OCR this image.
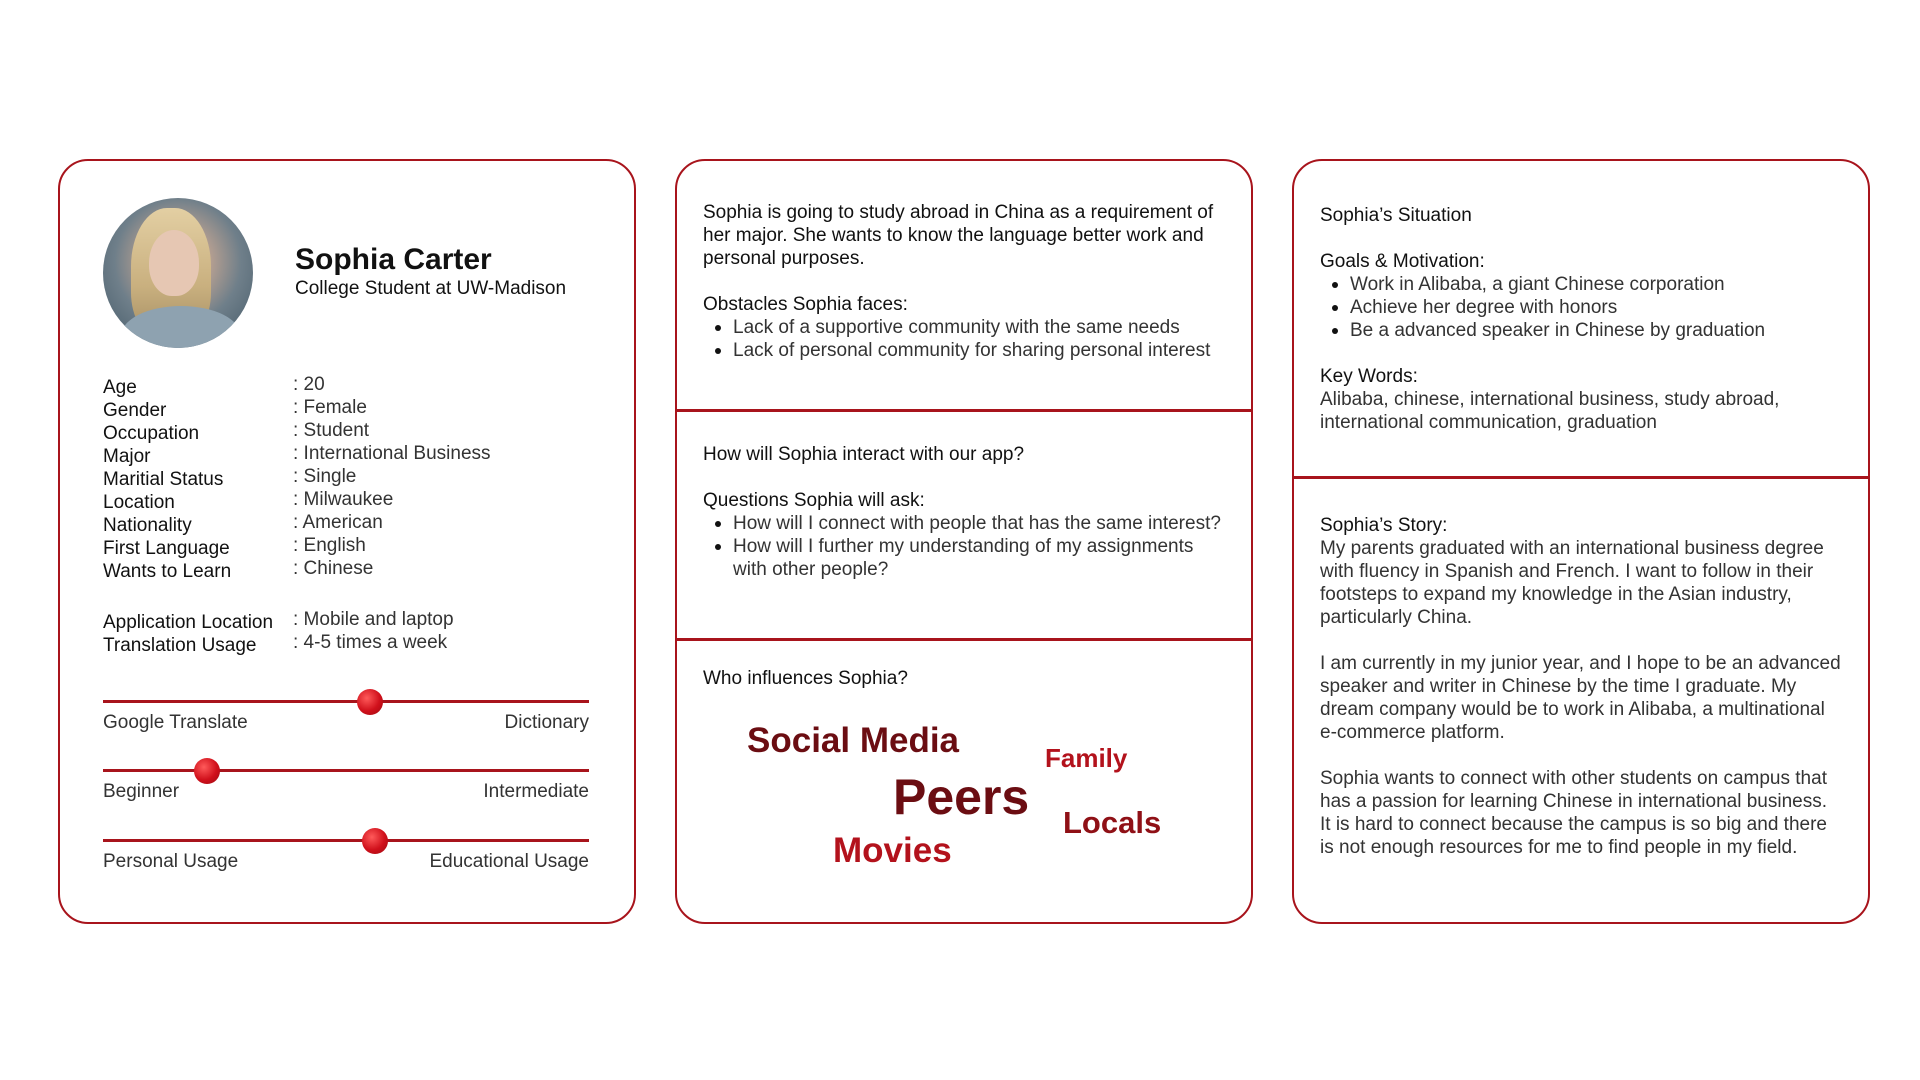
Sophia Carter
College Student at UW-Madison
Age	: 20
Gender	: Female
Occupation	: Student
Major	: International Business
Maritial Status	: Single
Location	: Milwaukee
Nationality	: American
First Language	: English
Wants to Learn	: Chinese
Application Location	: Mobile and laptop
Translation Usage	: 4-5 times a week
Google Translate	Dictionary
Beginner	Intermediate
Personal Usage	Educational Usage

Sophia is going to study abroad in China as a requirement of her major. She wants to know the language better work and personal purposes.

Obstacles Sophia faces:

Lack of a supportive community with the same needs
Lack of personal community for sharing personal interest

How will Sophia interact with our app?

Questions Sophia will ask:

How will I connect with people that has the same interest?
How will I further my understanding of my assignments with other people?

Who influences Sophia?

Social Media	Family
Peers Locals
Movies

Sophia’s Situation

Goals & Motivation:

Work in Alibaba, a giant Chinese corporation
Achieve her degree with honors
Be a advanced speaker in Chinese by graduation

Key Words:

Alibaba, chinese, international business, study abroad, international communication, graduation

Sophia’s Story:

My parents graduated with an international business degree with fluency in Spanish and French. I want to follow in their footsteps to expand my knowledge in the Asian industry, particularly China.

I am currently in my junior year, and I hope to be an advanced speaker and writer in Chinese by the time I graduate. My dream company would be to work in Alibaba, a multinational e-commerce platform.

Sophia wants to connect with other students on campus that has a passion for learning Chinese in international business. It is hard to connect because the campus is so big and there is not enough resources for me to find people in my field.
